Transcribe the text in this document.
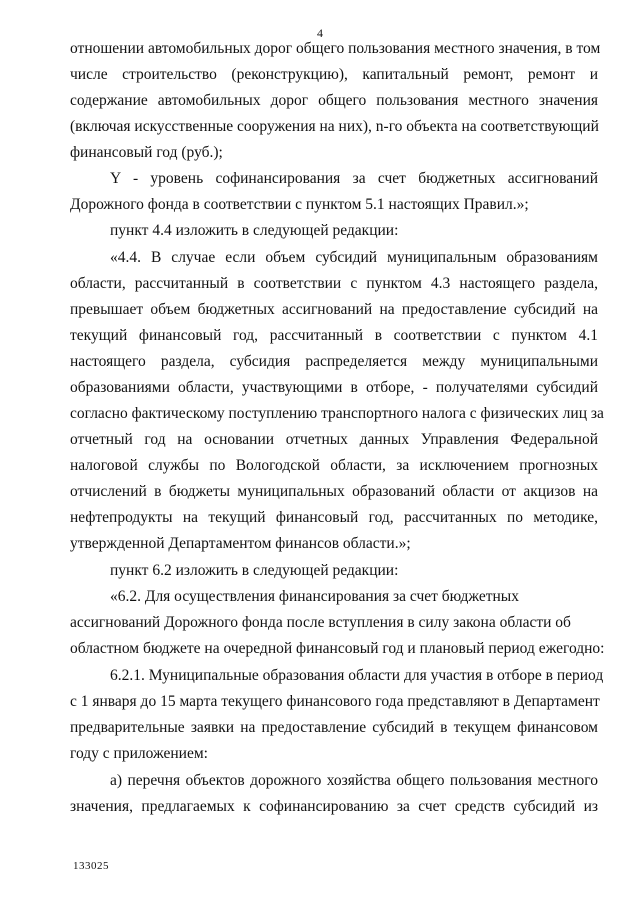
4
отношении автомобильных дорог общего пользования местного значения, в том
числе строительство (реконструкцию), капитальный ремонт, ремонт и
содержание автомобильных дорог общего пользования местного значения
(включая искусственные сооружения на них), n-го объекта на соответствующий
финансовый год (руб.);
Y - уровень софинансирования за счет бюджетных ассигнований
Дорожного фонда в соответствии с пунктом 5.1 настоящих Правил.»;
пункт 4.4 изложить в следующей редакции:
«4.4. В случае если объем субсидий муниципальным образованиям
области, рассчитанный в соответствии с пунктом 4.3 настоящего раздела,
превышает объем бюджетных ассигнований на предоставление субсидий на
текущий финансовый год, рассчитанный в соответствии с пунктом 4.1
настоящего раздела, субсидия распределяется между муниципальными
образованиями области, участвующими в отборе, - получателями субсидий
согласно фактическому поступлению транспортного налога с физических лиц за
отчетный год на основании отчетных данных Управления Федеральной
налоговой службы по Вологодской области, за исключением прогнозных
отчислений в бюджеты муниципальных образований области от акцизов на
нефтепродукты на текущий финансовый год, рассчитанных по методике,
утвержденной Департаментом финансов области.»;
пункт 6.2 изложить в следующей редакции:
«6.2. Для осуществления финансирования за счет бюджетных
ассигнований Дорожного фонда после вступления в силу закона области об
областном бюджете на очередной финансовый год и плановый период ежегодно:
6.2.1. Муниципальные образования области для участия в отборе в период
с 1 января до 15 марта текущего финансового года представляют в Департамент
предварительные заявки на предоставление субсидий в текущем финансовом
году с приложением:
а) перечня объектов дорожного хозяйства общего пользования местного
значения, предлагаемых к софинансированию за счет средств субсидий из
133025
